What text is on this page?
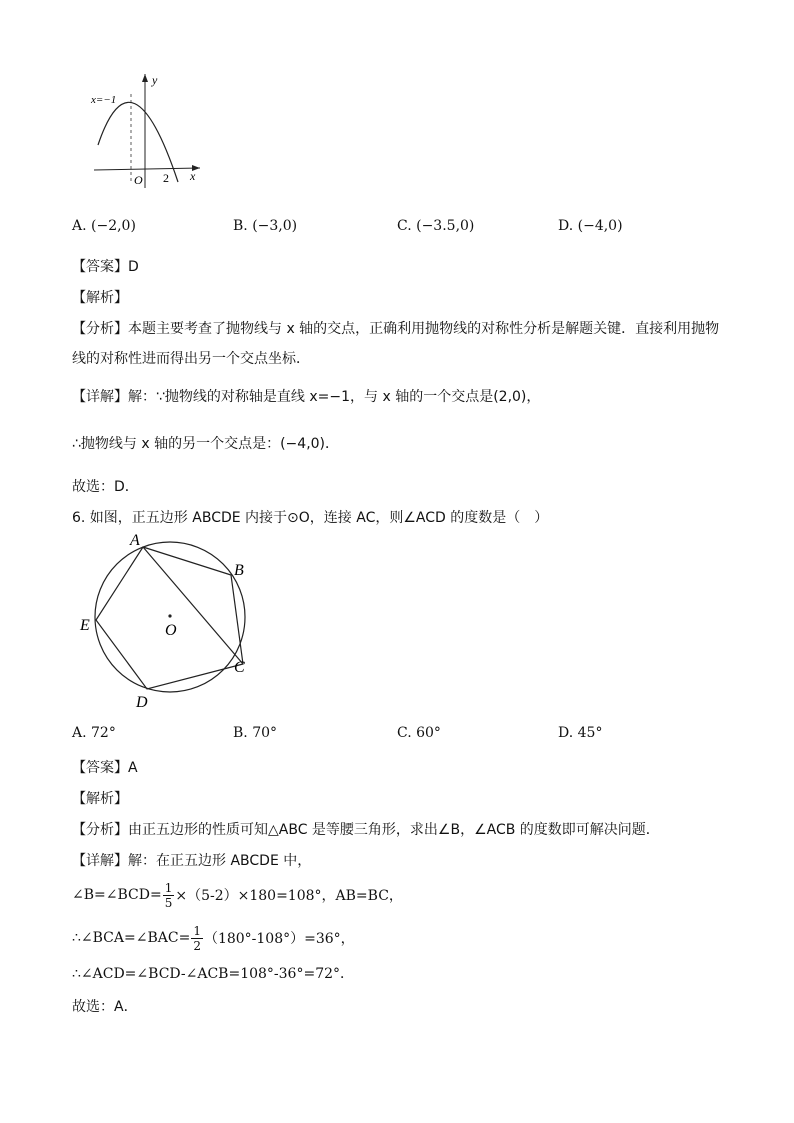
x=−1
y
x
O 2
A. (−2,0)	B. (−3,0)	C. (−3.5,0)	D. (−4,0)
【答案】D
【解析】
【分析】本题主要考查了抛物线与 x 轴的交点，正确利用抛物线的对称性分析是解题关键．直接利用抛物
线的对称性进而得出另一个交点坐标．
【详解】解：∵抛物线的对称轴是直线 x=−1，与 x 轴的一个交点是(2,0)，
∴抛物线与 x 轴的另一个交点是：(−4,0)．
故选：D．
6. 如图，正五边形 ABCDE 内接于⊙O，连接 AC，则∠ACD 的度数是（　）
A
B
C
D
E	O
A. 72°	B. 70°	C. 60°	D. 45°
【答案】A
【解析】
【分析】由正五边形的性质可知△ABC 是等腰三角形，求出∠B，∠ACB 的度数即可解决问题．
【详解】解：在正五边形 ABCDE 中，
∠B=∠BCD= $\frac{1}{5} \times(5-2)\times 180=108^\circ$，AB=BC，
∴∠BCA=∠BAC= $\frac{1}{2} (180^\circ-108^\circ)=36^\circ$，
∴∠ACD=∠BCD-∠ACB=108°-36°=72°．
故选：A．
